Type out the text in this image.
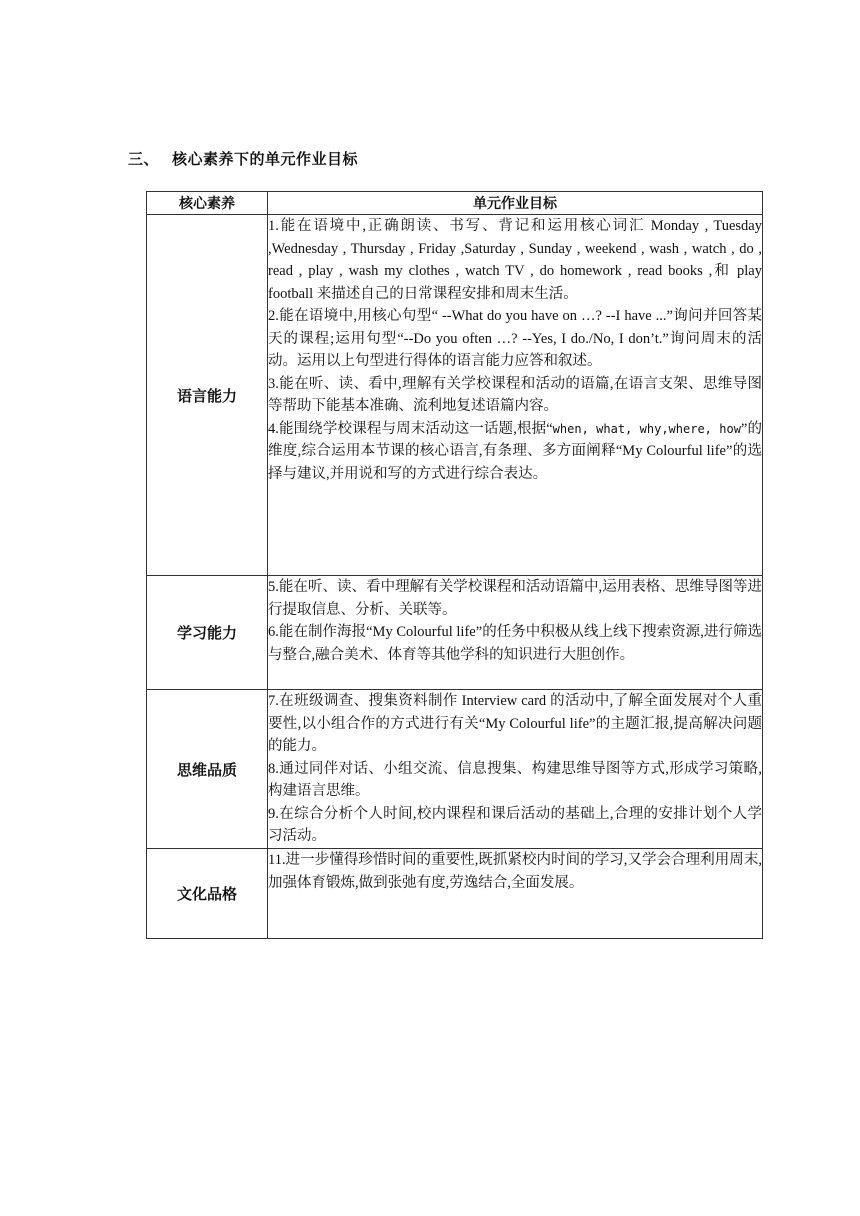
三、 核心素养下的单元作业目标
核心素养	单元作业目标
语言能力	1.能在语境中,正确朗读、书写、背记和运用核心词汇 Monday , Tuesday ,Wednesday , Thursday , Friday ,Saturday , Sunday , weekend , wash , watch , do , read , play , wash my clothes , watch TV , do homework , read books ,和 play football 来描述自己的日常课程安排和周末生活。

2.能在语境中,用核心句型“ --What do you have on …? --I have ...”询问并回答某天的课程;运用句型“--Do you often …? --Yes, I do./No, I don’t.”询问周末的活动。运用以上句型进行得体的语言能力应答和叙述。

3.能在听、读、看中,理解有关学校课程和活动的语篇,在语言支架、思维导图等帮助下能基本准确、流利地复述语篇内容。

4.能围绕学校课程与周末活动这一话题,根据“when, what, why,where, how”的维度,综合运用本节课的核心语言,有条理、多方面阐释“My Colourful life”的选择与建议,并用说和写的方式进行综合表达。

学习能力	5.能在听、读、看中理解有关学校课程和活动语篇中,运用表格、思维导图等进行提取信息、分析、关联等。

6.能在制作海报“My Colourful life”的任务中积极从线上线下搜索资源,进行筛选与整合,融合美术、体育等其他学科的知识进行大胆创作。

思维品质	7.在班级调查、搜集资料制作 Interview card 的活动中,了解全面发展对个人重要性,以小组合作的方式进行有关“My Colourful life”的主题汇报,提高解决问题的能力。

8.通过同伴对话、小组交流、信息搜集、构建思维导图等方式,形成学习策略,构建语言思维。

9.在综合分析个人时间,校内课程和课后活动的基础上,合理的安排计划个人学习活动。

文化品格	11.进一步懂得珍惜时间的重要性,既抓紧校内时间的学习,又学会合理利用周末,加强体育锻炼,做到张弛有度,劳逸结合,全面发展。
